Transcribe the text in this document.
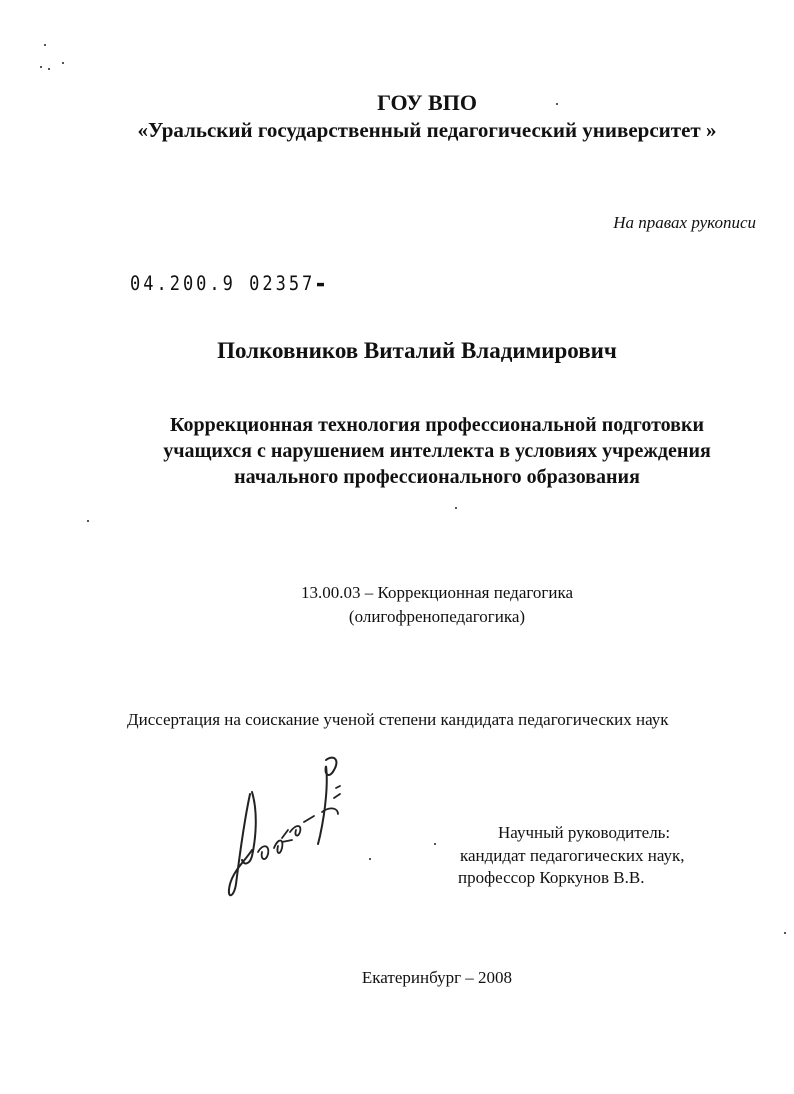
ГОУ ВПО
«Уральский государственный педагогический университет »
На правах рукописи
04.200.9 02357
Полковников Виталий Владимирович
Коррекционная технология профессиональной подготовки
учащихся с нарушением интеллекта в условиях учреждения
начального профессионального образования
13.00.03 – Коррекционная педагогика
(олигофренопедагогика)
Диссертация на соискание ученой степени кандидата педагогических наук
Научный руководитель:
кандидат педагогических наук,
профессор Коркунов В.В.
Екатеринбург – 2008
